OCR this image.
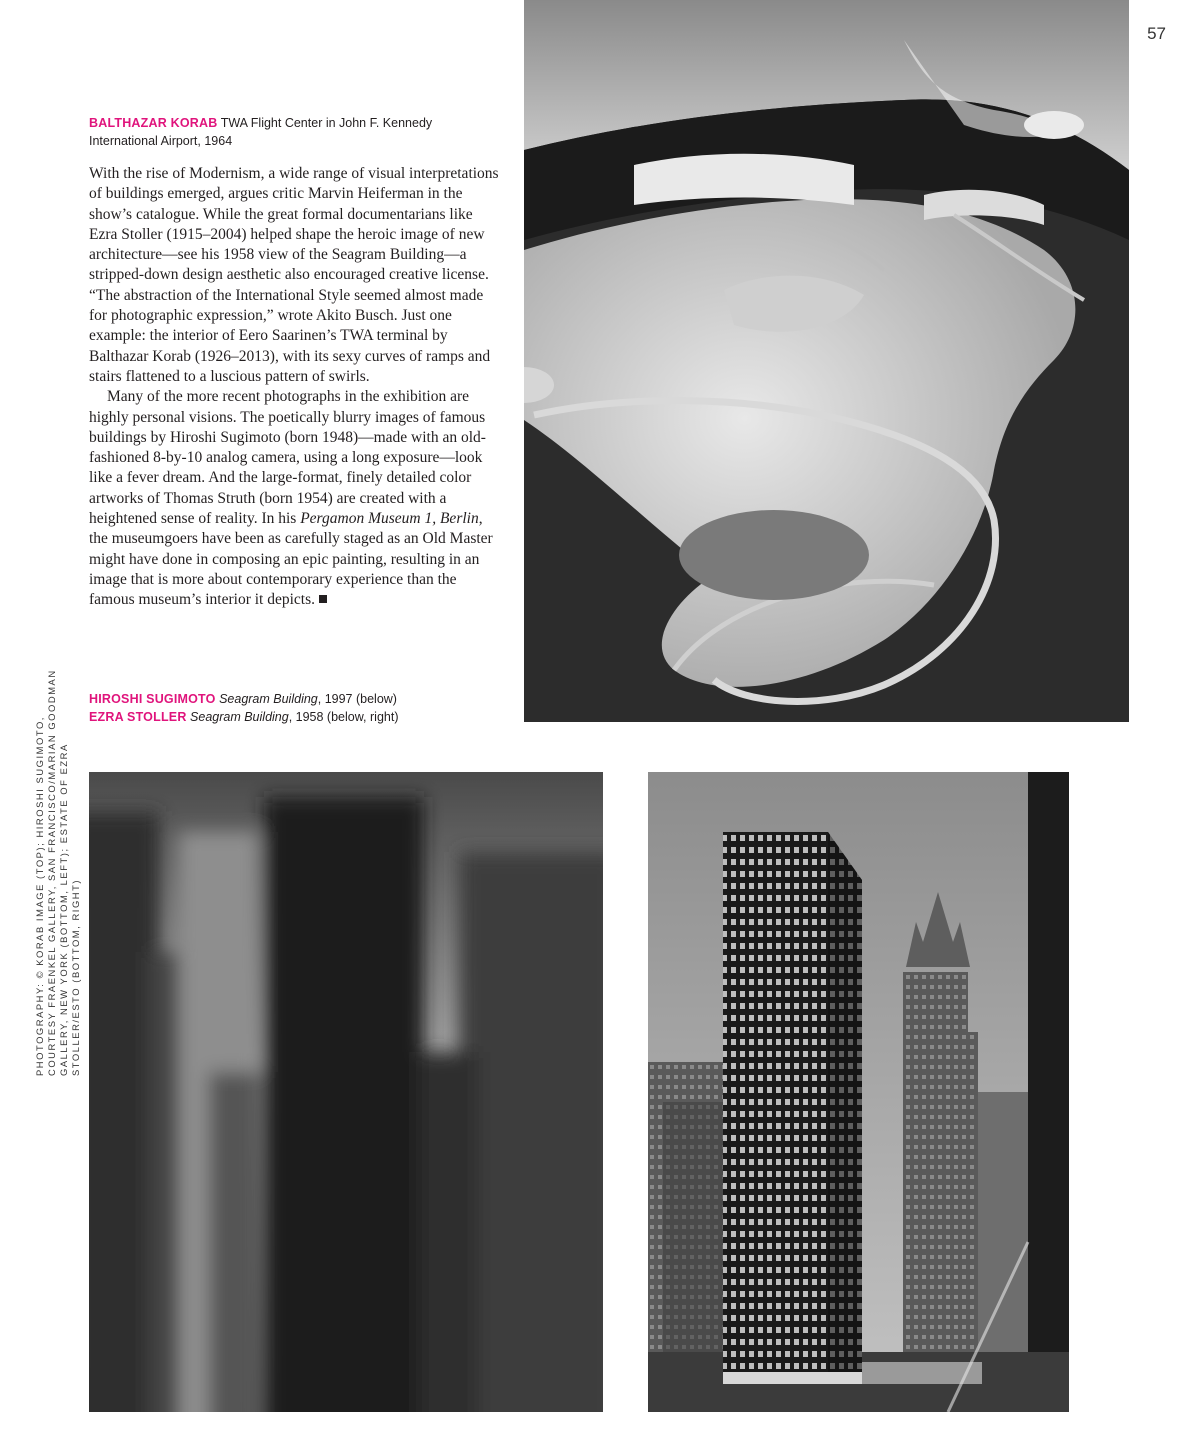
57
BALTHAZAR KORAB TWA Flight Center in John F. Kennedy International Airport, 1964

With the rise of Modernism, a wide range of visual interpretations of buildings emerged, argues critic Marvin Heiferman in the show’s catalogue. While the great formal documentarians like Ezra Stoller (1915–2004) helped shape the heroic image of new architecture—see his 1958 view of the Seagram Building—a stripped-down design aesthetic also encouraged creative license. “The abstraction of the International Style seemed almost made for photographic expression,” wrote Akito Busch. Just one example: the interior of Eero Saarinen’s TWA terminal by Balthazar Korab (1926–2013), with its sexy curves of ramps and stairs flattened to a luscious pattern of swirls.

Many of the more recent photographs in the exhibition are highly personal visions. The poetically blurry images of famous buildings by Hiroshi Sugimoto (born 1948)—made with an old-fashioned 8-by-10 analog camera, using a long exposure—look like a fever dream. And the large-format, finely detailed color artworks of Thomas Struth (born 1954) are created with a heightened sense of reality. In his Pergamon Museum 1, Berlin, the museumgoers have been as carefully staged as an Old Master might have done in composing an epic painting, resulting in an image that is more about contemporary experience than the famous museum’s interior it depicts.

HIROSHI SUGIMOTO Seagram Building, 1997 (below)
EZRA STOLLER Seagram Building, 1958 (below, right)
PHOTOGRAPHY: © KORAB IMAGE (TOP); HIROSHI SUGIMOTO, COURTESY FRAENKEL GALLERY, SAN FRANCISCO/MARIAN GOODMAN GALLERY, NEW YORK (BOTTOM, LEFT); ESTATE OF EZRA STOLLER/ESTO (BOTTOM, RIGHT)
